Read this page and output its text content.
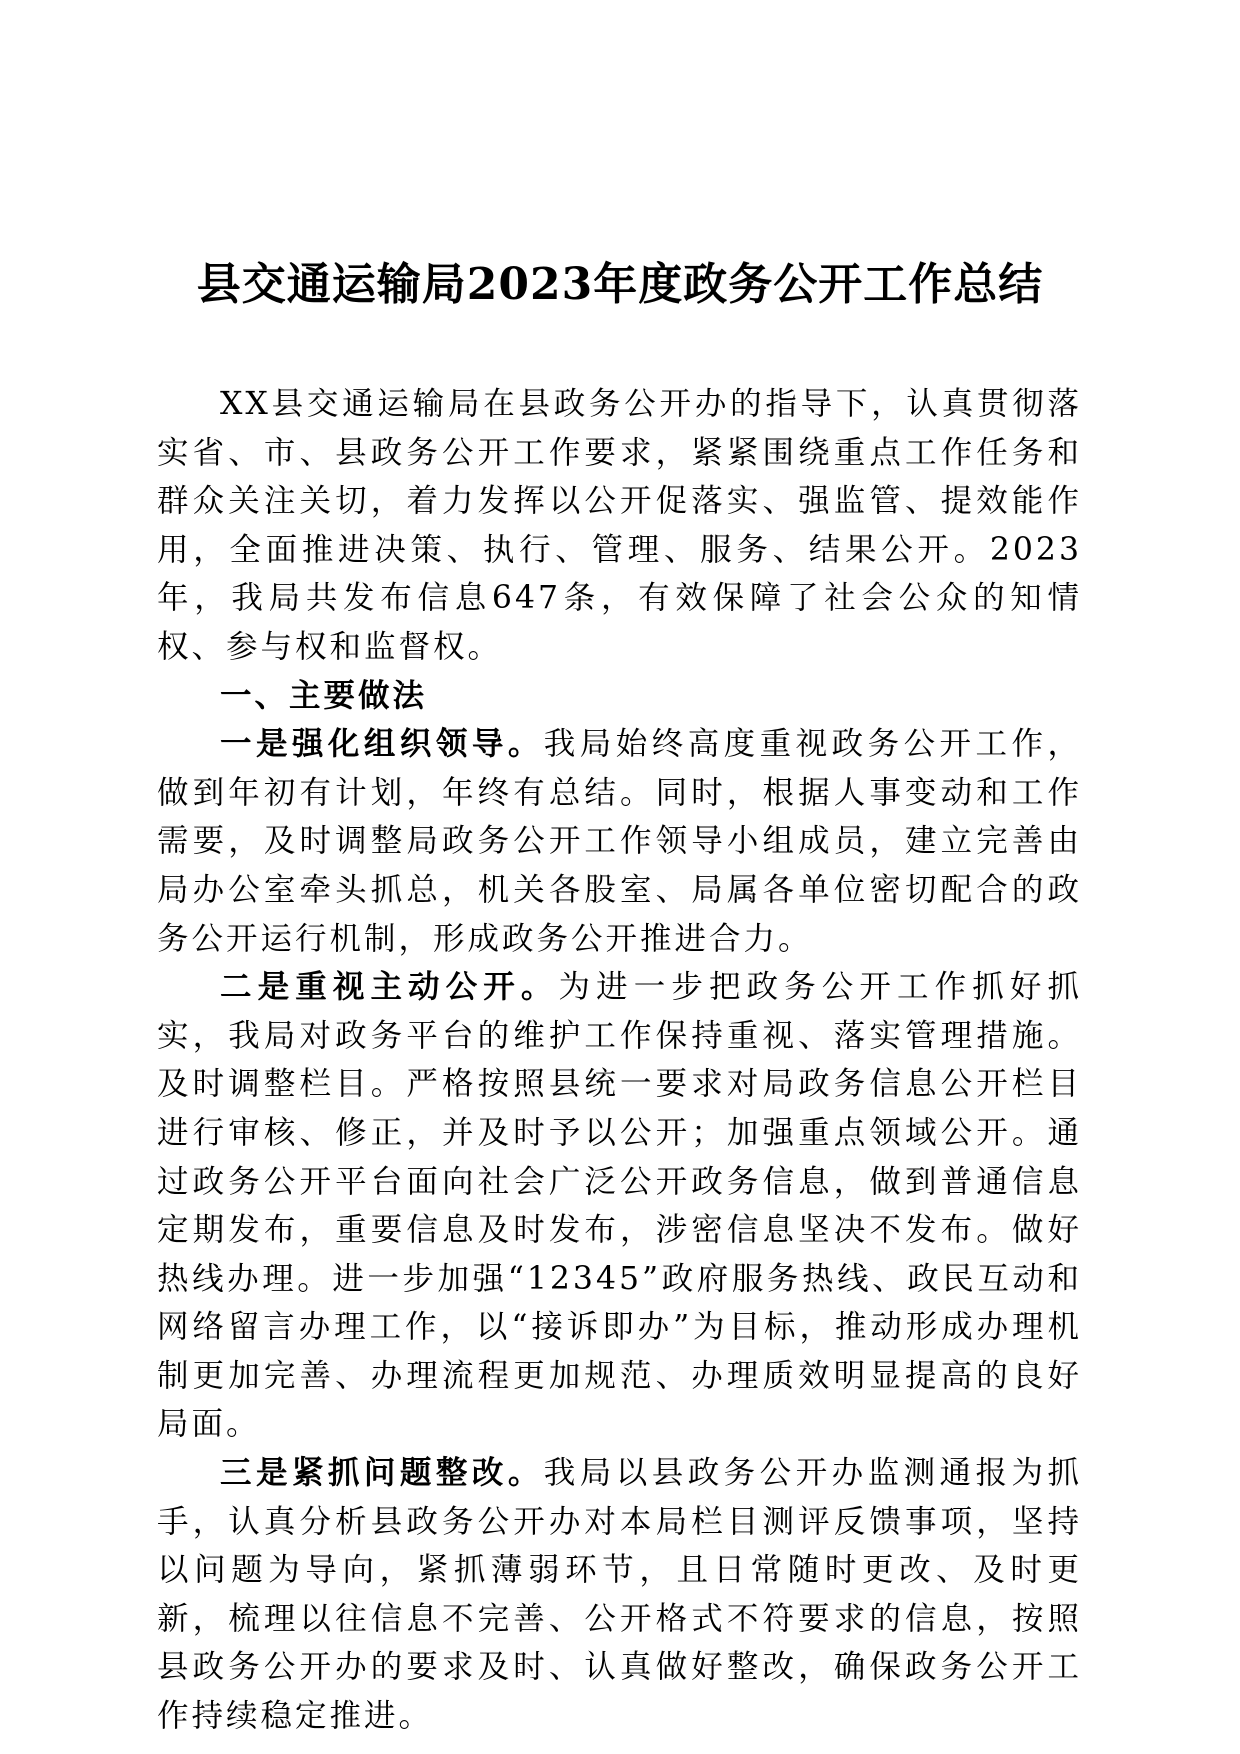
县交通运输局2023年度政务公开工作总结

XX县交通运输局在县政务公开办的指导下，认真贯彻落实省、市、县政务公开工作要求，紧紧围绕重点工作任务和群众关注关切，着力发挥以公开促落实、强监管、提效能作用，全面推进决策、执行、管理、服务、结果公开。2023年，我局共发布信息647条，有效保障了社会公众的知情权、参与权和监督权。

一、主要做法

一是强化组织领导。我局始终高度重视政务公开工作，做到年初有计划，年终有总结。同时，根据人事变动和工作需要，及时调整局政务公开工作领导小组成员，建立完善由局办公室牵头抓总，机关各股室、局属各单位密切配合的政务公开运行机制，形成政务公开推进合力。

二是重视主动公开。为进一步把政务公开工作抓好抓实，我局对政务平台的维护工作保持重视、落实管理措施。及时调整栏目。严格按照县统一要求对局政务信息公开栏目进行审核、修正，并及时予以公开；加强重点领域公开。通过政务公开平台面向社会广泛公开政务信息，做到普通信息定期发布，重要信息及时发布，涉密信息坚决不发布。做好热线办理。进一步加强“12345”政府服务热线、政民互动和网络留言办理工作，以“接诉即办”为目标，推动形成办理机制更加完善、办理流程更加规范、办理质效明显提高的良好局面。

三是紧抓问题整改。我局以县政务公开办监测通报为抓手，认真分析县政务公开办对本局栏目测评反馈事项，坚持以问题为导向，紧抓薄弱环节，且日常随时更改、及时更新，梳理以往信息不完善、公开格式不符要求的信息，按照县政务公开办的要求及时、认真做好整改，确保政务公开工作持续稳定推进。
